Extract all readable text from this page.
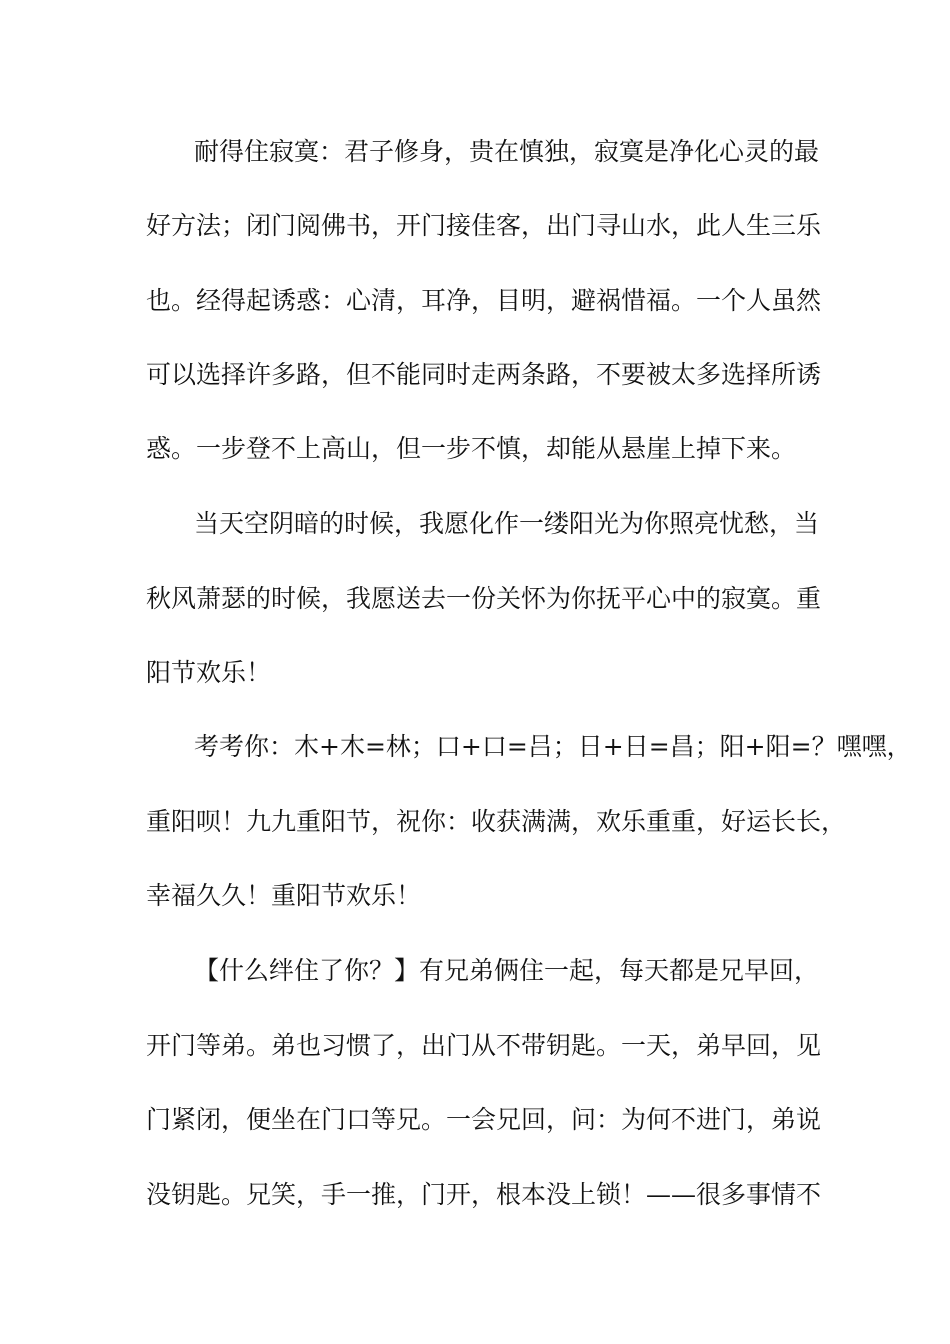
耐得住寂寞：君子修身，贵在慎独，寂寞是净化心灵的最

好方法；闭门阅佛书，开门接佳客，出门寻山水，此人生三乐

也。经得起诱惑：心清，耳净，目明，避祸惜福。一个人虽然

可以选择许多路，但不能同时走两条路，不要被太多选择所诱

惑。一步登不上高山，但一步不慎，却能从悬崖上掉下来。

当天空阴暗的时候，我愿化作一缕阳光为你照亮忧愁，当

秋风萧瑟的时候，我愿送去一份关怀为你抚平心中的寂寞。重

阳节欢乐！

考考你：木+木=林；口+口=吕；日+日=昌；阳+阳=？嘿嘿，

重阳呗！九九重阳节，祝你：收获满满，欢乐重重，好运长长，

幸福久久！重阳节欢乐！

【什么绊住了你？】有兄弟俩住一起，每天都是兄早回，

开门等弟。弟也习惯了，出门从不带钥匙。一天，弟早回，见

门紧闭，便坐在门口等兄。一会兄回，问：为何不进门，弟说

没钥匙。兄笑，手一推，门开，根本没上锁！——很多事情不
